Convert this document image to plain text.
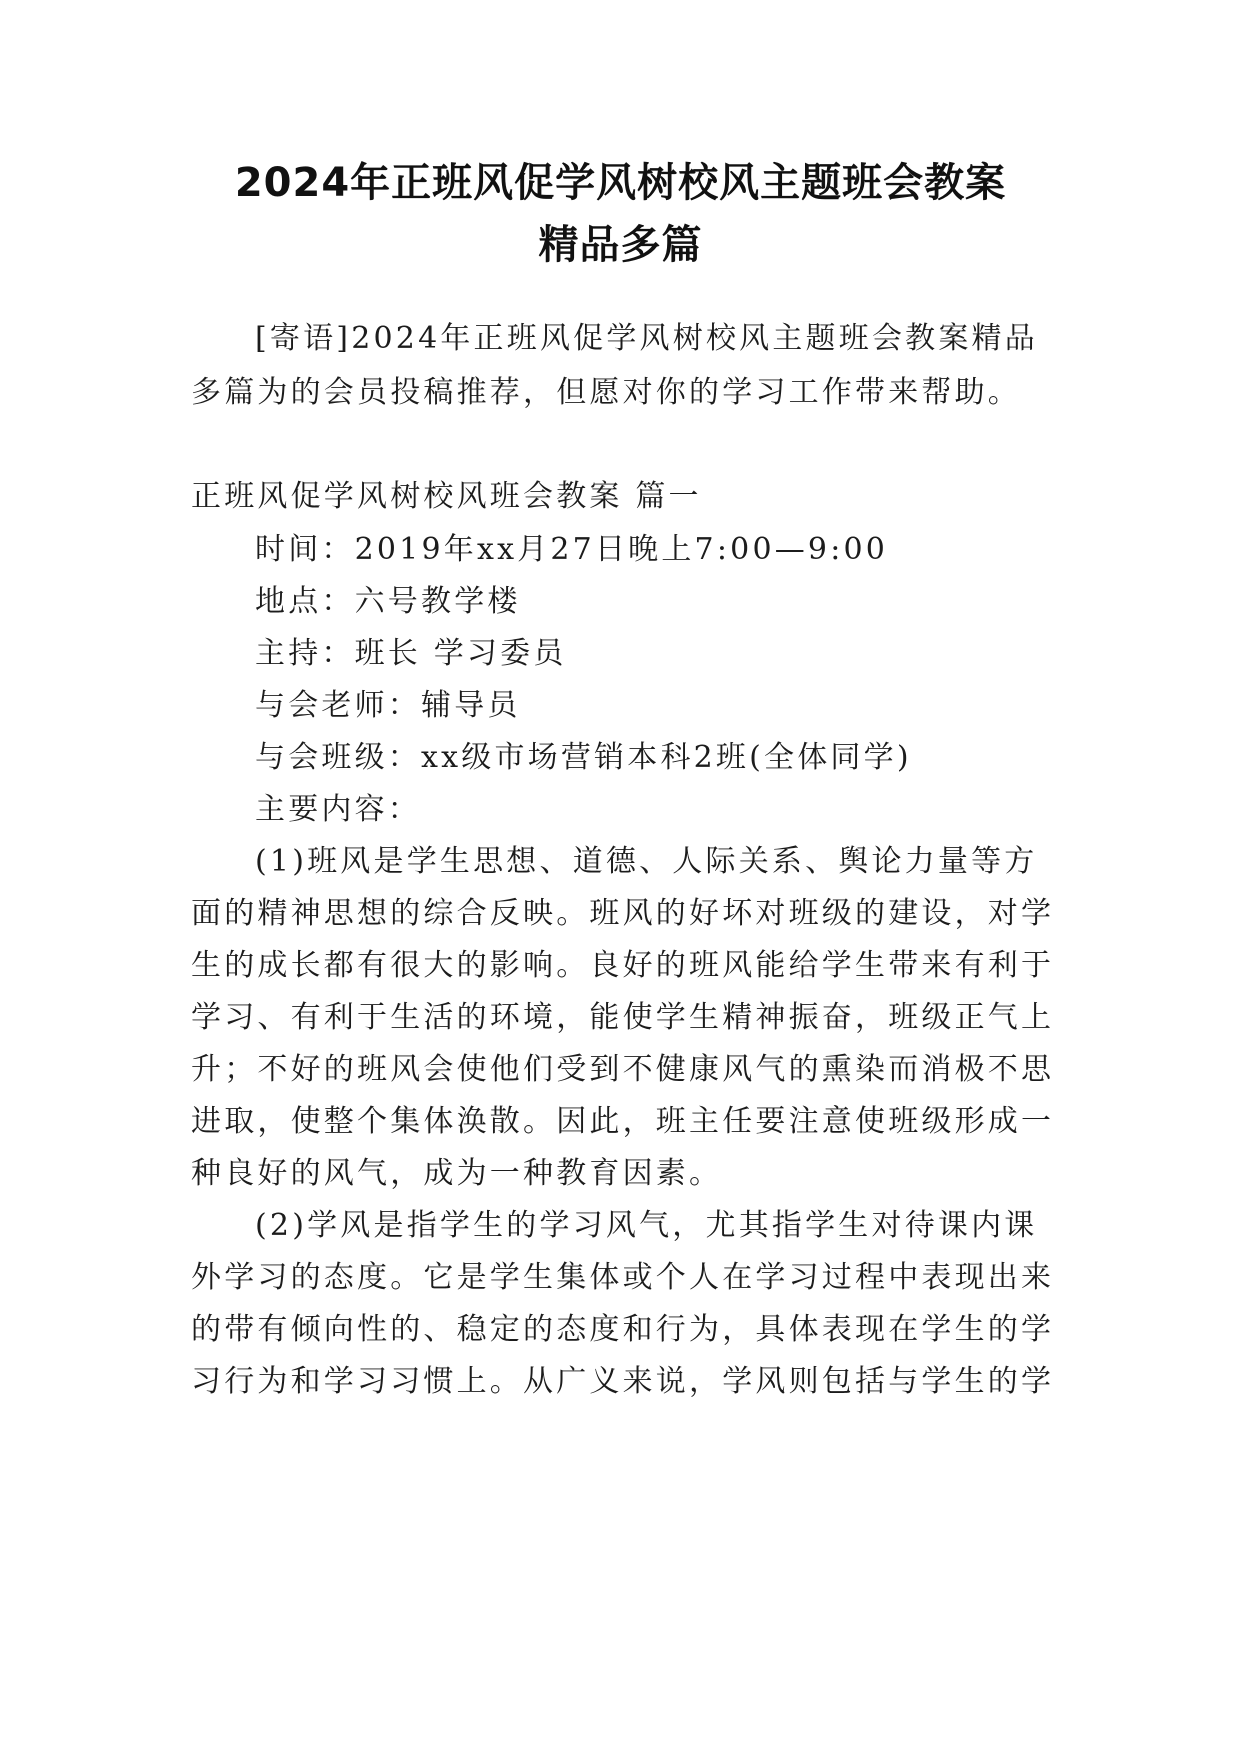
2024年正班风促学风树校风主题班会教案
精品多篇
[寄语]2024年正班风促学风树校风主题班会教案精品
多篇为的会员投稿推荐，但愿对你的学习工作带来帮助。
正班风促学风树校风班会教案 篇一
时间：2019年xx月27日晚上7:00—9:00
地点：六号教学楼
主持：班长 学习委员
与会老师：辅导员
与会班级：xx级市场营销本科2班(全体同学)
主要内容：
(1)班风是学生思想、道德、人际关系、舆论力量等方
面的精神思想的综合反映。班风的好坏对班级的建设，对学
生的成长都有很大的影响。良好的班风能给学生带来有利于
学习、有利于生活的环境，能使学生精神振奋，班级正气上
升；不好的班风会使他们受到不健康风气的熏染而消极不思
进取，使整个集体涣散。因此，班主任要注意使班级形成一
种良好的风气，成为一种教育因素。
(2)学风是指学生的学习风气，尤其指学生对待课内课
外学习的态度。它是学生集体或个人在学习过程中表现出来
的带有倾向性的、稳定的态度和行为，具体表现在学生的学
习行为和学习习惯上。从广义来说，学风则包括与学生的学
